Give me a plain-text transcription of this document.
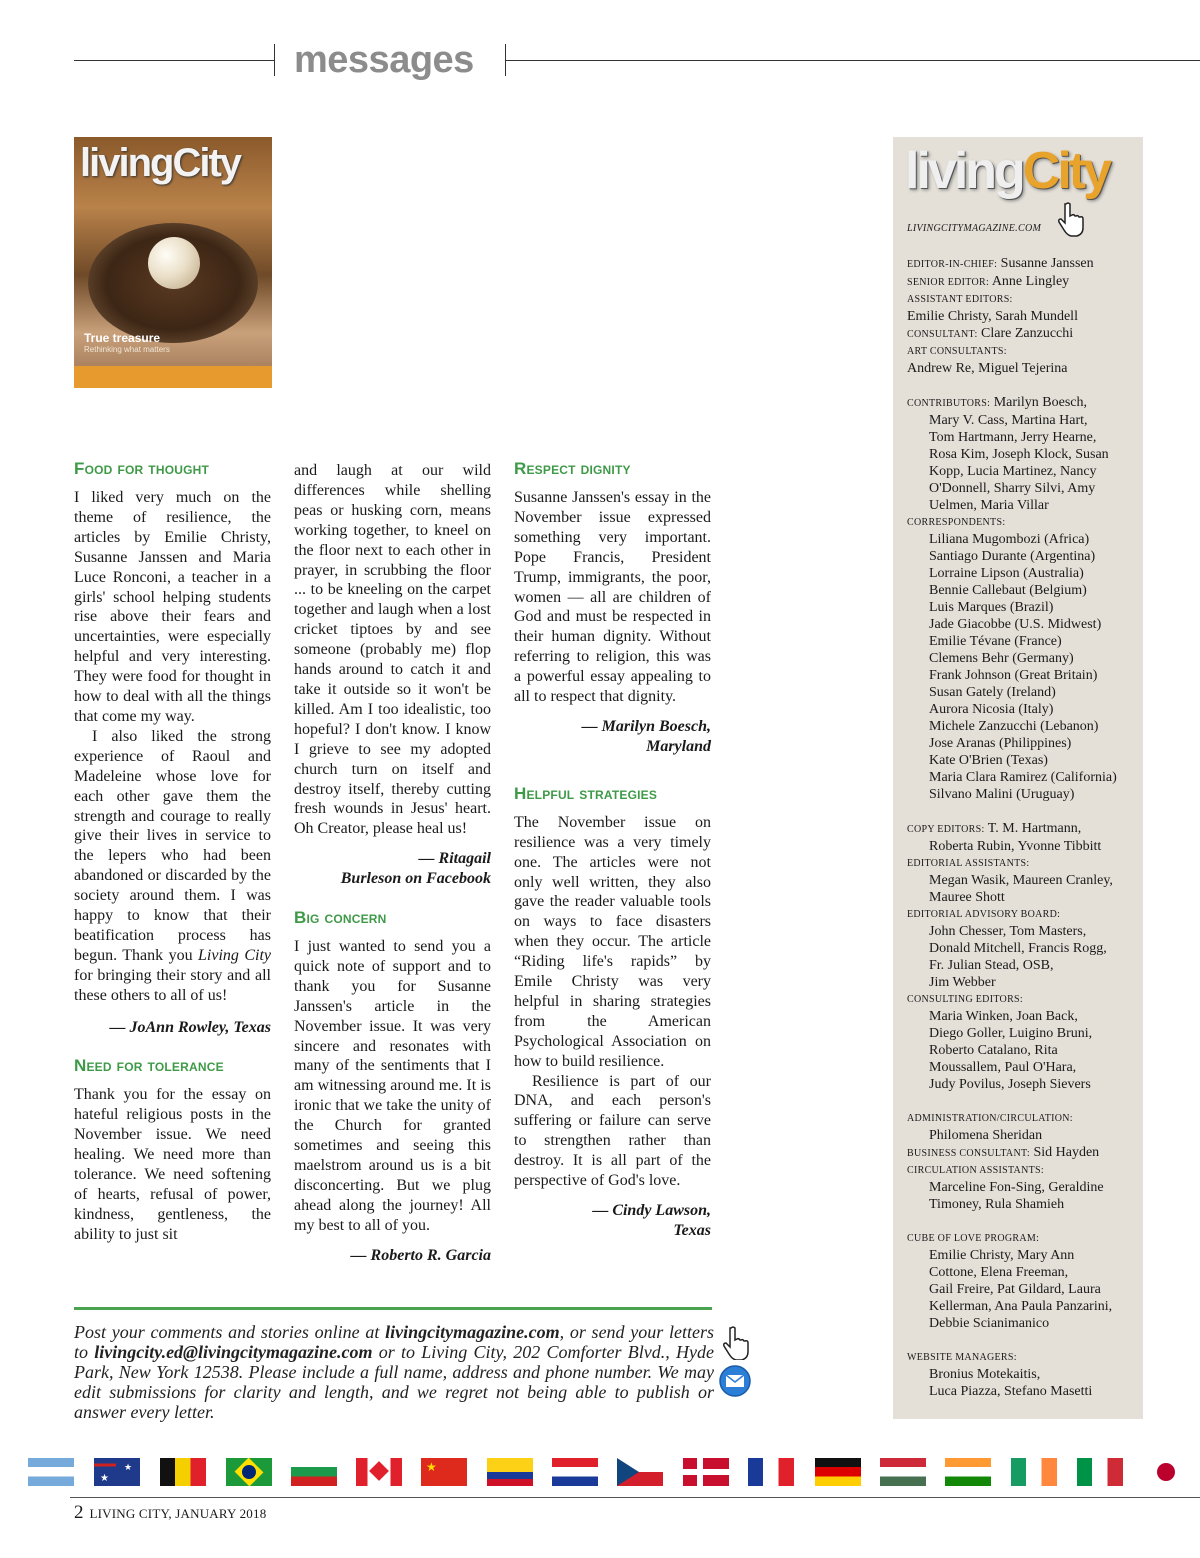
messages
livingCity
True treasure
Rethinking what matters
Food for thought

I liked very much on the theme of resilience, the articles by Emilie Christy, Susanne Janssen and Maria Luce Ronconi, a teacher in a girls' school helping students rise above their fears and uncertainties, were especially helpful and very interesting. They were food for thought in how to deal with all the things that come my way.

I also liked the strong experience of Raoul and Madeleine whose love for each other gave them the strength and courage to really give their lives in service to the lepers who had been abandoned or discarded by the society around them. I was happy to know that their beatification process has begun. Thank you Living City for bringing their story and all these others to all of us!

— JoAnn Rowley, Texas
Need for tolerance

Thank you for the essay on hateful religious posts in the November issue. We need healing. We need more than tolerance. We need softening of hearts, refusal of power, kindness, gentleness, the ability to just sit

and laugh at our wild differences while shelling peas or husking corn, means working together, to kneel on the floor next to each other in prayer, in scrubbing the floor ... to be kneeling on the carpet together and laugh when a lost cricket tiptoes by and see someone (probably me) flop hands around to catch it and take it outside so it won't be killed. Am I too idealistic, too hopeful? I don't know. I know I grieve to see my adopted church turn on itself and destroy itself, thereby cutting fresh wounds in Jesus' heart. Oh Creator, please heal us!

— Ritagail
Burleson on Facebook
Big concern

I just wanted to send you a quick note of support and to thank you for Susanne Janssen's article in the November issue. It was very sincere and resonates with many of the sentiments that I am witnessing around me. It is ironic that we take the unity of the Church for granted sometimes and seeing this maelstrom around us is a bit disconcerting. But we plug ahead along the journey! All my best to all of you.

— Roberto R. Garcia
Respect dignity

Susanne Janssen's essay in the November issue expressed something very important. Pope Francis, President Trump, immigrants, the poor, women — all are children of God and must be respected in their human dignity. Without referring to religion, this was a powerful essay appealing to all to respect that dignity.

— Marilyn Boesch,
Maryland
Helpful strategies

The November issue on resilience was a very timely one. The articles were not only well written, they also gave the reader valuable tools on ways to face disasters when they occur. The article “Riding life's rapids” by Emile Christy was very helpful in sharing strategies from the American Psychological Association on how to build resilience.

Resilience is part of our DNA, and each person's suffering or failure can serve to strengthen rather than destroy. It is all part of the perspective of God's love.

— Cindy Lawson,
Texas
Post your comments and stories online at livingcitymagazine.com, or send your letters to livingcity.ed@livingcitymagazine.com or to Living City, 202 Comforter Blvd., Hyde Park, New York 12538. Please include a full name, address and phone number. We may edit submissions for clarity and length, and we regret not being able to publish or answer every letter.
livingCity
LIVINGCITYMAGAZINE.COM
EDITOR-IN-CHIEF: Susanne Janssen
SENIOR EDITOR: Anne Lingley
ASSISTANT EDITORS:
Emilie Christy, Sarah Mundell
CONSULTANT: Clare Zanzucchi
ART CONSULTANTS:
Andrew Re, Miguel Tejerina
CONTRIBUTORS: Marilyn Boesch,
Mary V. Cass, Martina Hart,
Tom Hartmann, Jerry Hearne,
Rosa Kim, Joseph Klock, Susan
Kopp, Lucia Martinez, Nancy
O'Donnell, Sharry Silvi, Amy
Uelmen, Maria Villar
CORRESPONDENTS:
Liliana Mugombozi (Africa)
Santiago Durante (Argentina)
Lorraine Lipson (Australia)
Bennie Callebaut (Belgium)
Luis Marques (Brazil)
Jade Giacobbe (U.S. Midwest)
Emilie Tévane (France)
Clemens Behr (Germany)
Frank Johnson (Great Britain)
Susan Gately (Ireland)
Aurora Nicosia (Italy)
Michele Zanzucchi (Lebanon)
Jose Aranas (Philippines)
Kate O'Brien (Texas)
Maria Clara Ramirez (California)
Silvano Malini (Uruguay)
COPY EDITORS: T. M. Hartmann,
Roberta Rubin, Yvonne Tibbitt
EDITORIAL ASSISTANTS:
Megan Wasik, Maureen Cranley,
Mauree Shott
EDITORIAL ADVISORY BOARD:
John Chesser, Tom Masters,
Donald Mitchell, Francis Rogg,
Fr. Julian Stead, OSB,
Jim Webber
CONSULTING EDITORS:
Maria Winken, Joan Back,
Diego Goller, Luigino Bruni,
Roberto Catalano, Rita
Moussallem, Paul O'Hara,
Judy Povilus, Joseph Sievers
ADMINISTRATION/CIRCULATION:
Philomena Sheridan
BUSINESS CONSULTANT: Sid Hayden
CIRCULATION ASSISTANTS:
Marceline Fon-Sing, Geraldine
Timoney, Rula Shamieh
CUBE OF LOVE PROGRAM:
Emilie Christy, Mary Ann
Cottone, Elena Freeman,
Gail Freire, Pat Gildard, Laura
Kellerman, Ana Paula Panzarini,
Debbie Scianimanico
WEBSITE MANAGERS:
Bronius Motekaitis,
Luca Piazza, Stefano Masetti
★
★
★
2 LIVING CITY, JANUARY 2018
